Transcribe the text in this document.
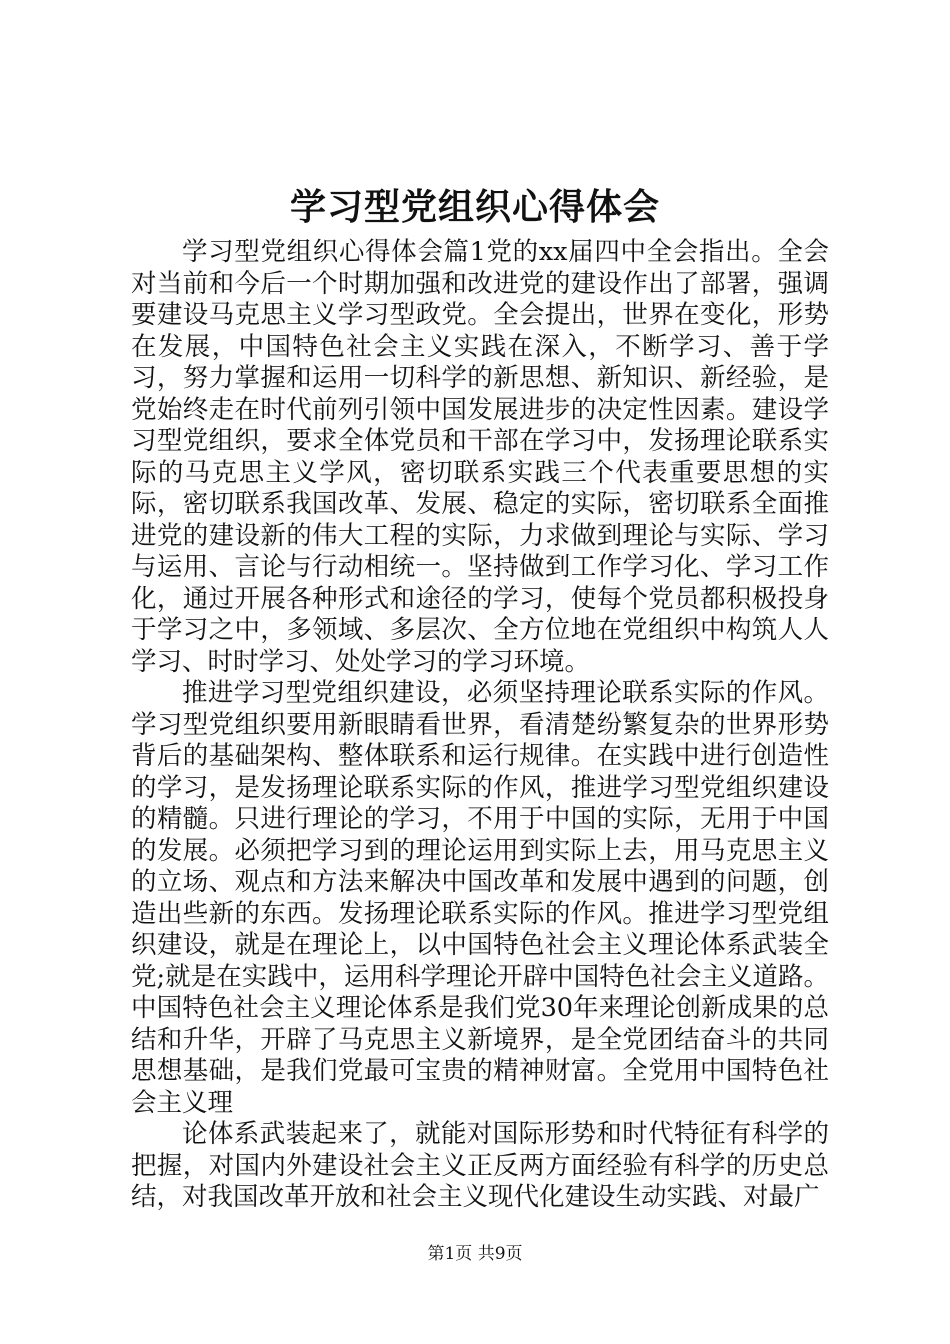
学习型党组织心得体会

学习型党组织心得体会篇1党的xx届四中全会指出。全会对当前和今后一个时期加强和改进党的建设作出了部署，强调要建设马克思主义学习型政党。全会提出，世界在变化，形势在发展，中国特色社会主义实践在深入，不断学习、善于学习，努力掌握和运用一切科学的新思想、新知识、新经验，是党始终走在时代前列引领中国发展进步的决定性因素。建设学习型党组织，要求全体党员和干部在学习中，发扬理论联系实际的马克思主义学风，密切联系实践三个代表重要思想的实际，密切联系我国改革、发展、稳定的实际，密切联系全面推进党的建设新的伟大工程的实际，力求做到理论与实际、学习与运用、言论与行动相统一。坚持做到工作学习化、学习工作化，通过开展各种形式和途径的学习，使每个党员都积极投身于学习之中，多领域、多层次、全方位地在党组织中构筑人人学习、时时学习、处处学习的学习环境。

推进学习型党组织建设，必须坚持理论联系实际的作风。学习型党组织要用新眼睛看世界，看清楚纷繁复杂的世界形势背后的基础架构、整体联系和运行规律。在实践中进行创造性的学习，是发扬理论联系实际的作风，推进学习型党组织建设的精髓。只进行理论的学习，不用于中国的实际，无用于中国的发展。必须把学习到的理论运用到实际上去，用马克思主义的立场、观点和方法来解决中国改革和发展中遇到的问题，创造出些新的东西。发扬理论联系实际的作风。推进学习型党组织建设，就是在理论上，以中国特色社会主义理论体系武装全党;就是在实践中，运用科学理论开辟中国特色社会主义道路。中国特色社会主义理论体系是我们党30年来理论创新成果的总结和升华，开辟了马克思主义新境界，是全党团结奋斗的共同思想基础，是我们党最可宝贵的精神财富。全党用中国特色社会主义理

论体系武装起来了，就能对国际形势和时代特征有科学的把握，对国内外建设社会主义正反两方面经验有科学的历史总结，对我国改革开放和社会主义现代化建设生动实践、对最广

第1页 共9页
